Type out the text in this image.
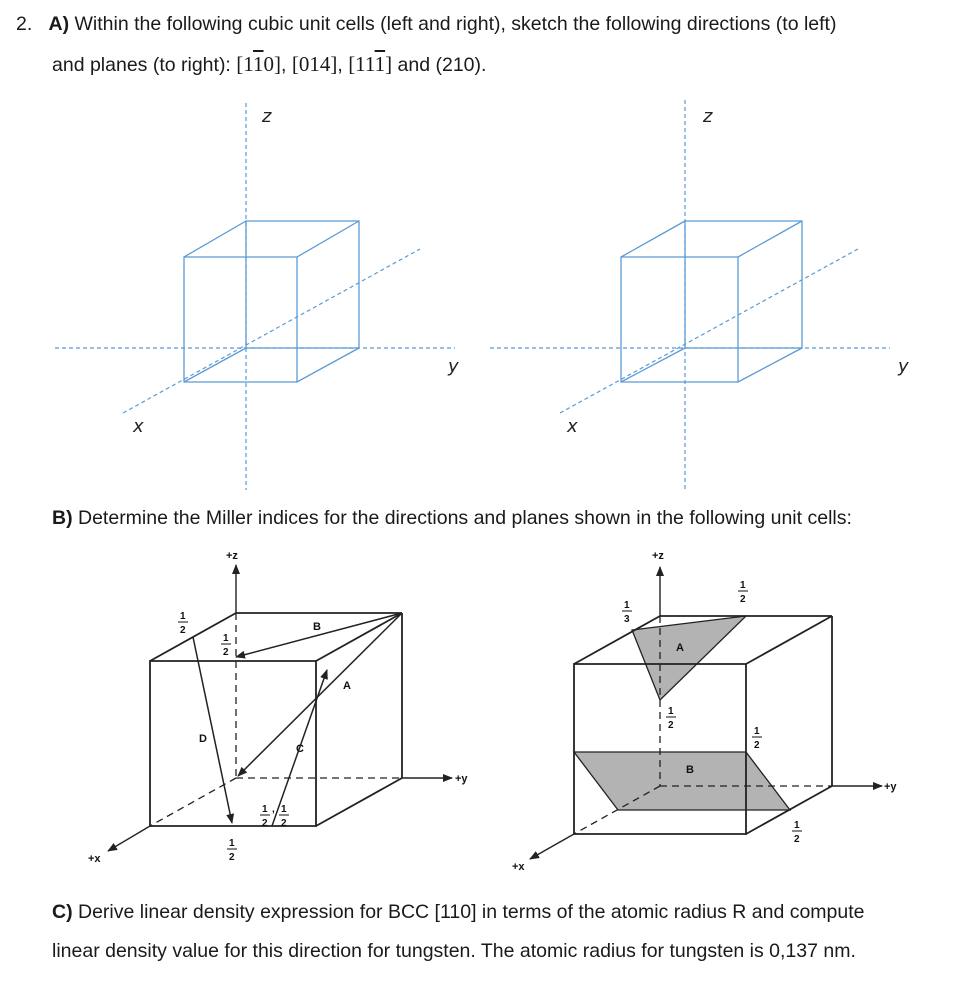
2. A) Within the following cubic unit cells (left and right), sketch the following directions (to left)
and planes (to right): [110], [014], [111] and (210).
B) Determine the Miller indices for the directions and planes shown in the following unit cells:
C) Derive linear density expression for BCC [110] in terms of the atomic radius R and compute
linear density value for this direction for tungsten. The atomic radius for tungsten is 0,137 nm.
z
y
x
z
y
x
+z
+y
+x
B
A
C
D
1
2
1
2
1
2
, 1
2
1
2
+z
+y
+x
A
B
1
3
1
2
1
2
1
2
1
2
